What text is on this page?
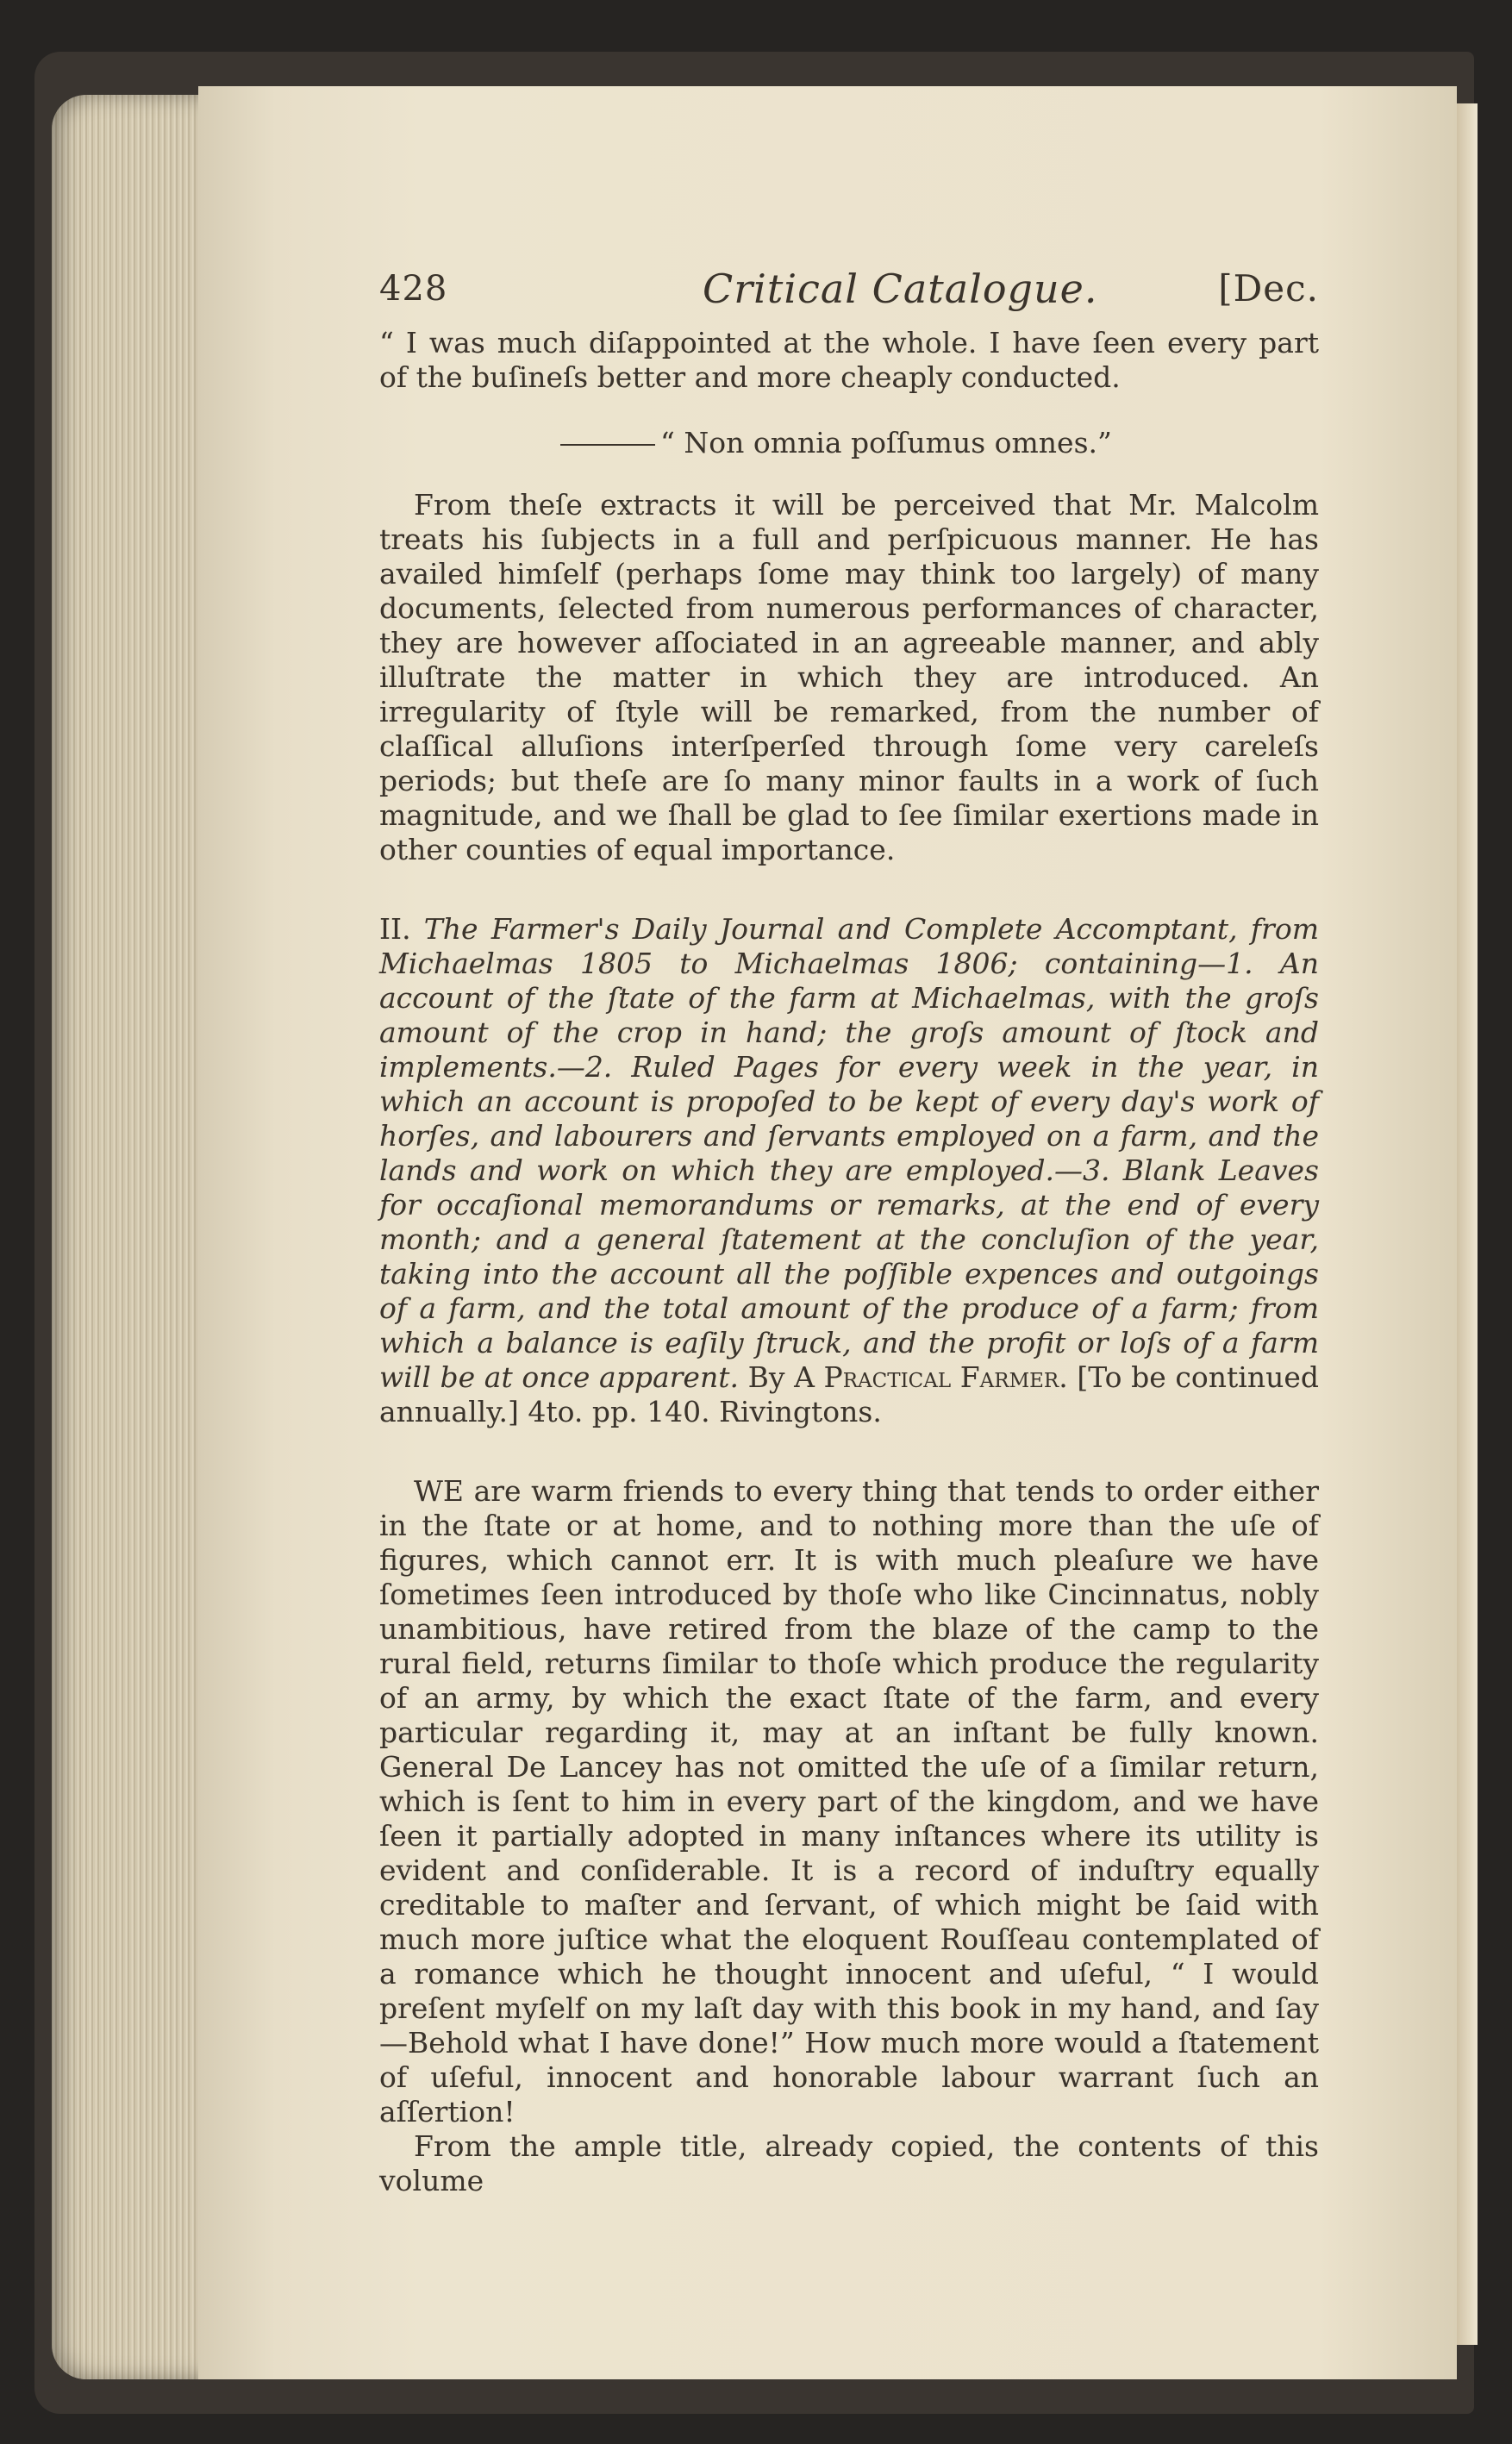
428	Critical Catalogue.	[Dec.

“ I was much diſappointed at the whole. I have ſeen every part of the buſineſs better and more cheaply conducted.

“ Non omnia poſſumus omnes.”

From theſe extracts it will be perceived that Mr. Malcolm treats his ſubjects in a full and perſpicuous manner. He has availed himſelf (perhaps ſome may think too largely) of many documents, ſelected from numerous performances of character, they are however aſſociated in an agreeable manner, and ably illuſtrate the matter in which they are introduced. An irregularity of ſtyle will be remarked, from the number of claſſical alluſions interſperſed through ſome very careleſs periods; but theſe are ſo many minor faults in a work of ſuch magnitude, and we ſhall be glad to ſee ſimilar exertions made in other counties of equal importance.

II. The Farmer's Daily Journal and Complete Accomptant, from Michaelmas 1805 to Michaelmas 1806; containing—1. An account of the ſtate of the farm at Michaelmas, with the groſs amount of the crop in hand; the groſs amount of ſtock and implements.—2. Ruled Pages for every week in the year, in which an account is propoſed to be kept of every day's work of horſes, and labourers and ſervants employed on a farm, and the lands and work on which they are employed.—3. Blank Leaves for occaſional memorandums or remarks, at the end of every month; and a general ſtatement at the concluſion of the year, taking into the account all the poſſible expences and outgoings of a farm, and the total amount of the produce of a farm; from which a balance is eaſily ſtruck, and the profit or loſs of a farm will be at once apparent. By A Practical Farmer. [To be continued annually.] 4to. pp. 140. Rivingtons.

WE are warm friends to every thing that tends to order either in the ſtate or at home, and to nothing more than the uſe of figures, which cannot err. It is with much pleaſure we have ſometimes ſeen introduced by thoſe who like Cincinnatus, nobly unambitious, have retired from the blaze of the camp to the rural field, returns ſimilar to thoſe which produce the regularity of an army, by which the exact ſtate of the farm, and every particular regarding it, may at an inſtant be fully known. General De Lancey has not omitted the uſe of a ſimilar return, which is ſent to him in every part of the kingdom, and we have ſeen it partially adopted in many inſtances where its utility is evident and conſiderable. It is a record of induſtry equally creditable to maſter and ſervant, of which might be ſaid with much more juſtice what the eloquent Rouſſeau contemplated of a romance which he thought innocent and uſeful, “ I would preſent myſelf on my laſt day with this book in my hand, and ſay—Behold what I have done!” How much more would a ſtatement of uſeful, innocent and honorable labour warrant ſuch an aſſertion!

From the ample title, already copied, the contents of this volume
